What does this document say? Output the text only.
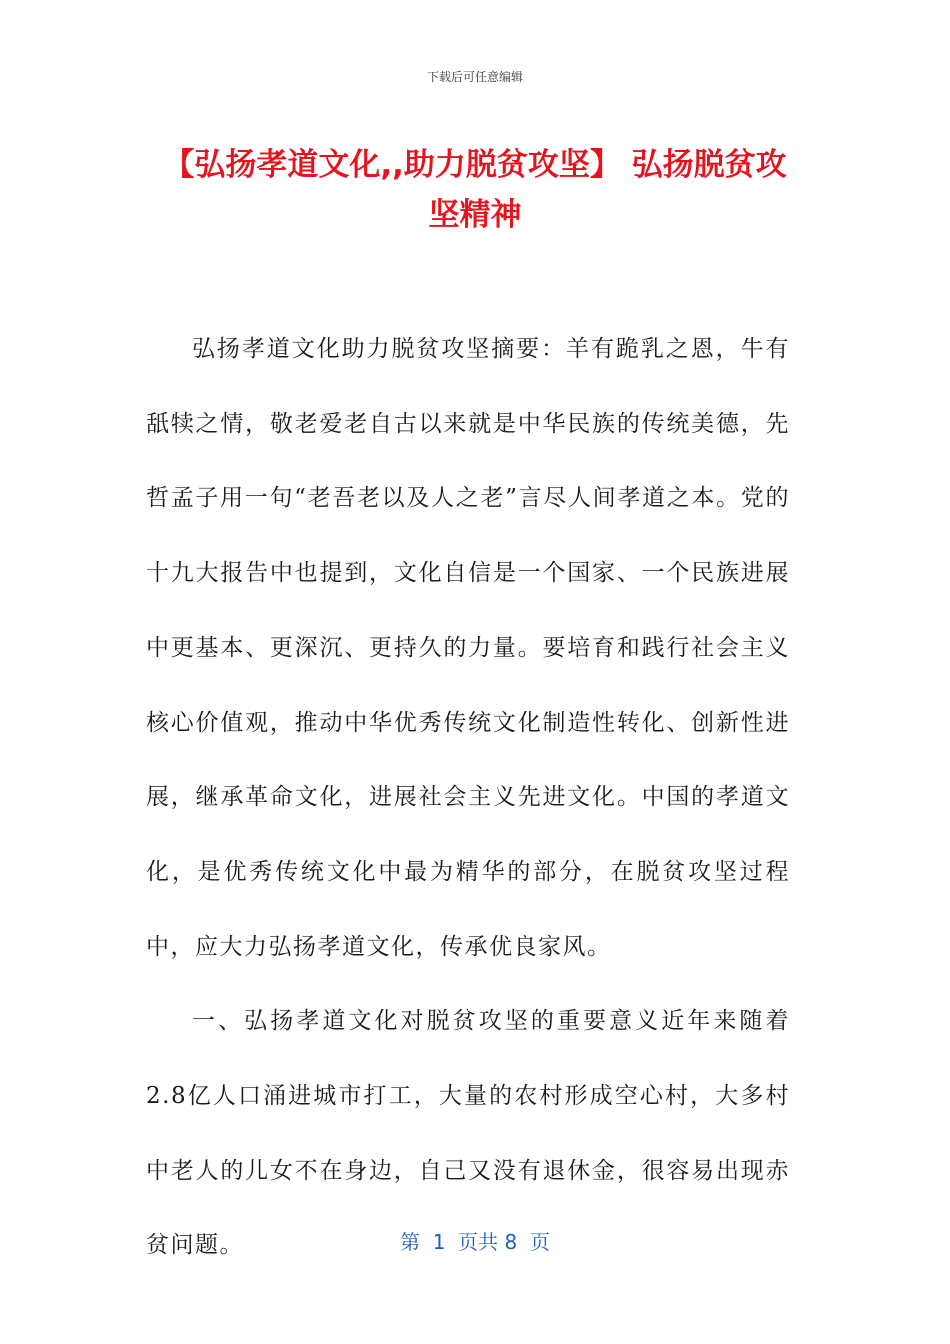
下载后可任意编辑
【弘扬孝道文化,,助力脱贫攻坚】 弘扬脱贫攻坚精神

弘扬孝道文化助力脱贫攻坚摘要：羊有跪乳之恩，牛有舐犊之情，敬老爱老自古以来就是中华民族的传统美德，先哲孟子用一句“老吾老以及人之老”言尽人间孝道之本。党的十九大报告中也提到，文化自信是一个国家、一个民族进展中更基本、更深沉、更持久的力量。要培育和践行社会主义核心价值观，推动中华优秀传统文化制造性转化、创新性进展，继承革命文化，进展社会主义先进文化。中国的孝道文化，是优秀传统文化中最为精华的部分，在脱贫攻坚过程中，应大力弘扬孝道文化，传承优良家风。

一、弘扬孝道文化对脱贫攻坚的重要意义近年来随着2.8亿人口涌进城市打工，大量的农村形成空心村，大多村中老人的儿女不在身边，自己又没有退休金，很容易出现赤贫问题。	第  1  页共 8  页
